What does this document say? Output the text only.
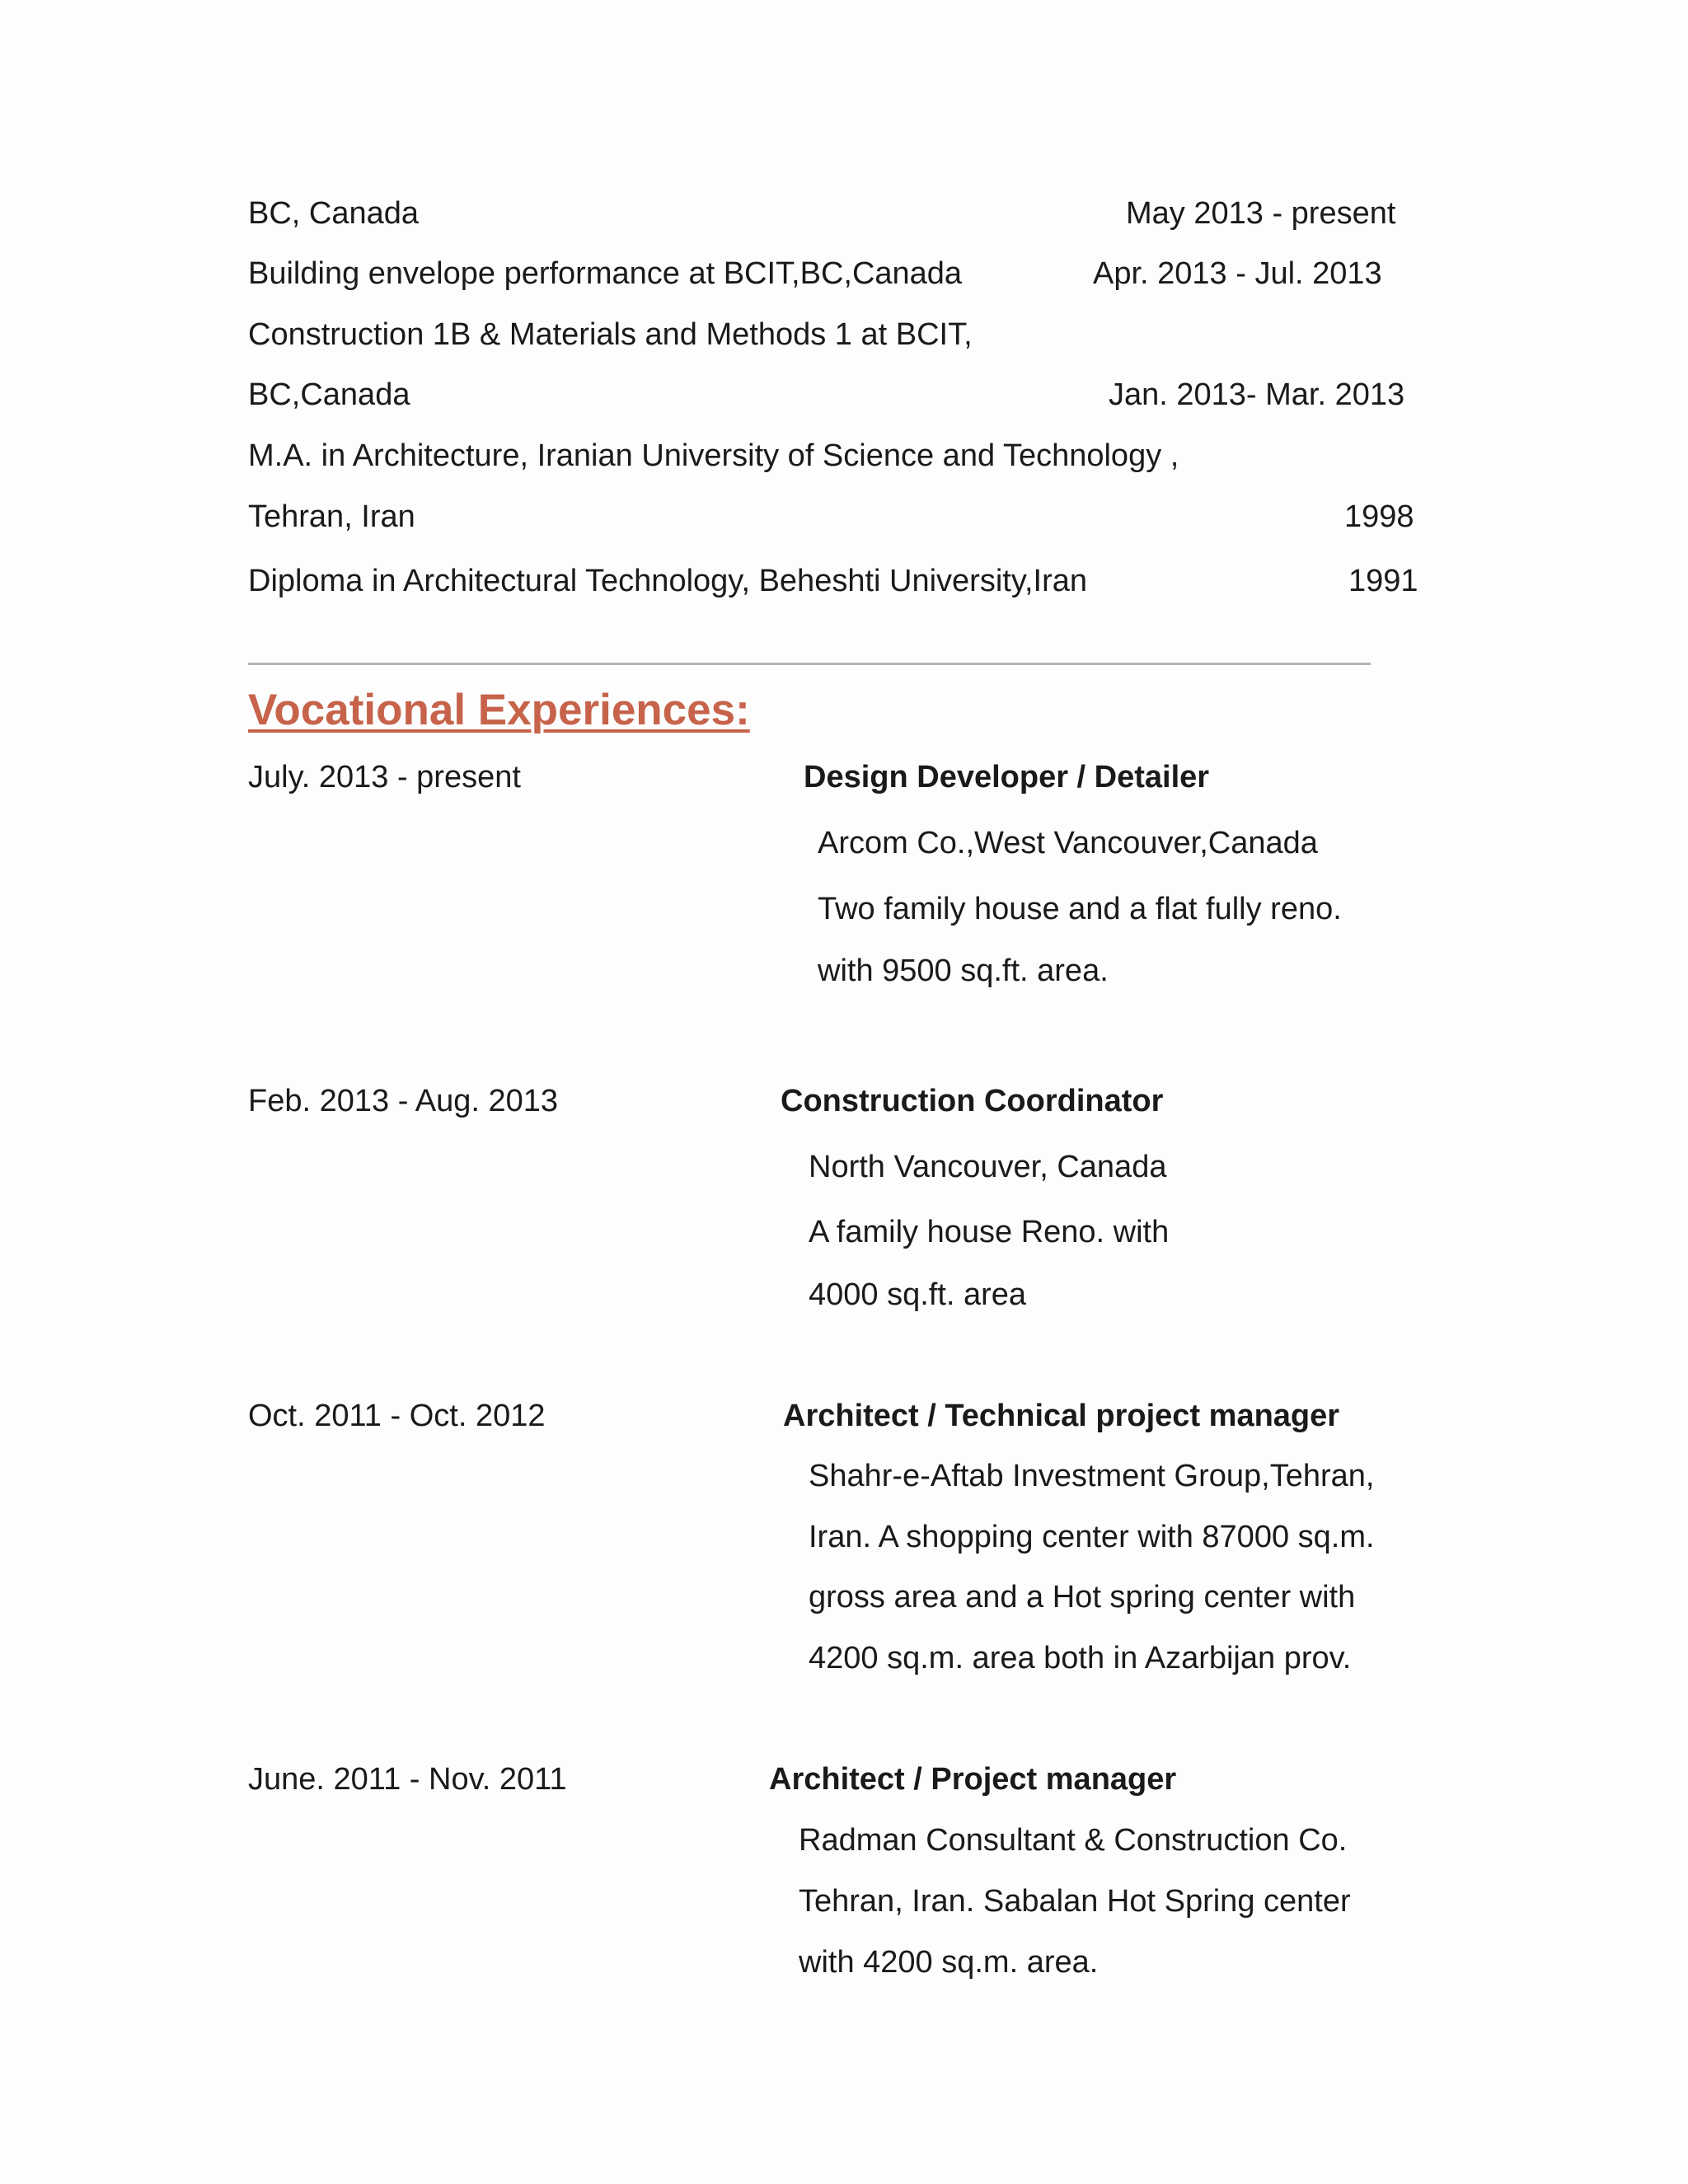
BC, Canada	May 2013 - present
Building envelope performance at BCIT,BC,Canada	Apr. 2013 - Jul. 2013
Construction 1B & Materials and Methods 1 at BCIT,
BC,Canada	Jan. 2013- Mar. 2013
M.A. in Architecture, Iranian University of Science and Technology ,
Tehran, Iran	1998
Diploma in Architectural Technology, Beheshti University,Iran	1991
Vocational Experiences:
July. 2013 - present	Design Developer / Detailer
Arcom Co.,West Vancouver,Canada
Two family house and a flat fully reno.
with 9500 sq.ft. area.
Feb. 2013 - Aug. 2013	Construction Coordinator
North Vancouver, Canada
A family house Reno. with
4000 sq.ft. area
Oct. 2011 - Oct. 2012	Architect / Technical project manager
Shahr-e-Aftab Investment Group,Tehran,
Iran. A shopping center with 87000 sq.m.
gross area and a Hot spring center with
4200 sq.m. area both in Azarbijan prov.
June. 2011 - Nov. 2011	Architect / Project manager
Radman Consultant & Construction Co.
Tehran, Iran. Sabalan Hot Spring center
with 4200 sq.m. area.
